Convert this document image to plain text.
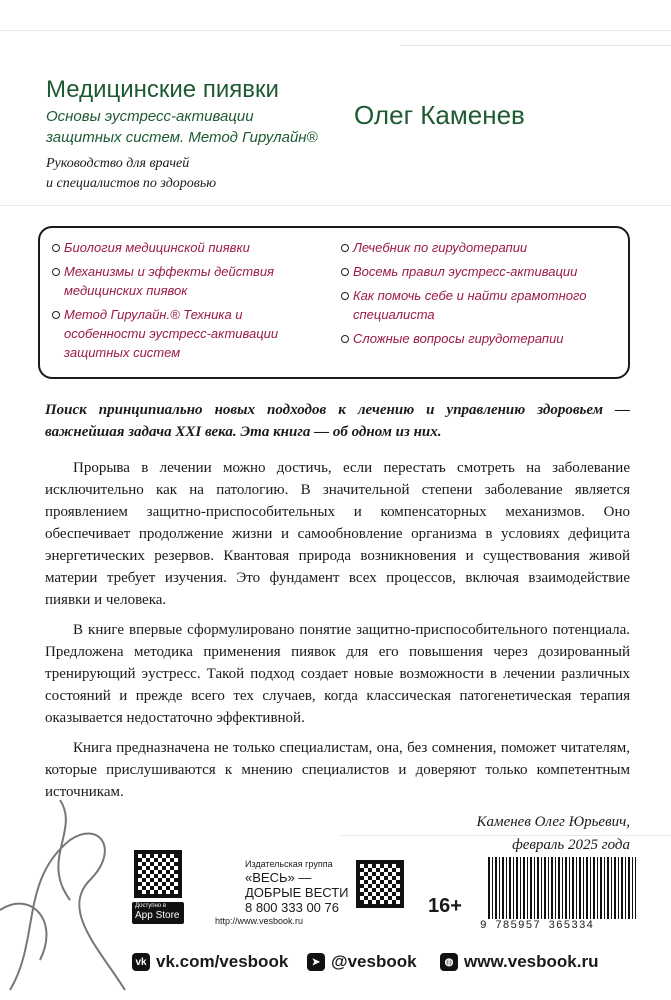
Медицинские пиявки
Основы эустресс-активации
защитных систем. Метод Гирулайн®
Руководство для врачей
и специалистов по здоровью
Олег Каменев
Биология медицинской пиявки
Механизмы и эффекты действия медицинских пиявок
Метод Гирулайн.® Техника и особенности эустресс-активации защитных систем
Лечебник по гирудотерапии
Восемь правил эустресс-активации
Как помочь себе и найти грамотного специалиста
Сложные вопросы гирудотерапии
Поиск принципиально новых подходов к лечению и управлению здоровьем — важнейшая задача XXI века. Эта книга — об одном из них.

Прорыва в лечении можно достичь, если перестать смотреть на заболевание исключительно как на патологию. В значительной степени заболевание является проявлением защитно-приспособительных и компенсаторных механизмов. Оно обеспечивает продолжение жизни и самообновление организма в условиях дефицита энергетических резервов. Квантовая природа возникновения и существования живой материи требует изучения. Это фундамент всех процессов, включая взаимодействие пиявки и человека.

В книге впервые сформулировано понятие защитно-приспособительного потенциала. Предложена методика применения пиявок для его повышения через дозированный тренирующий эустресс. Такой подход создает новые возможности в лечении различных состояний и прежде всего тех случаев, когда классическая патогенетическая терапия оказывается недостаточно эффективной.

Книга предназначена не только специалистам, она, без сомнения, поможет читателям, которые прислушиваются к мнению специалистов и доверяют только компетентным источникам.

Каменев Олег Юрьевич,
февраль 2025 года
Доступно в
App Store
Издательская группа
«ВЕСЬ» —
ДОБРЫЕ ВЕСТИ
8 800 333 00 76
http://www.vesbook.ru
16+
9 785957 365334
vk vk.com/vesbook	➤ @vesbook	◍ www.vesbook.ru
